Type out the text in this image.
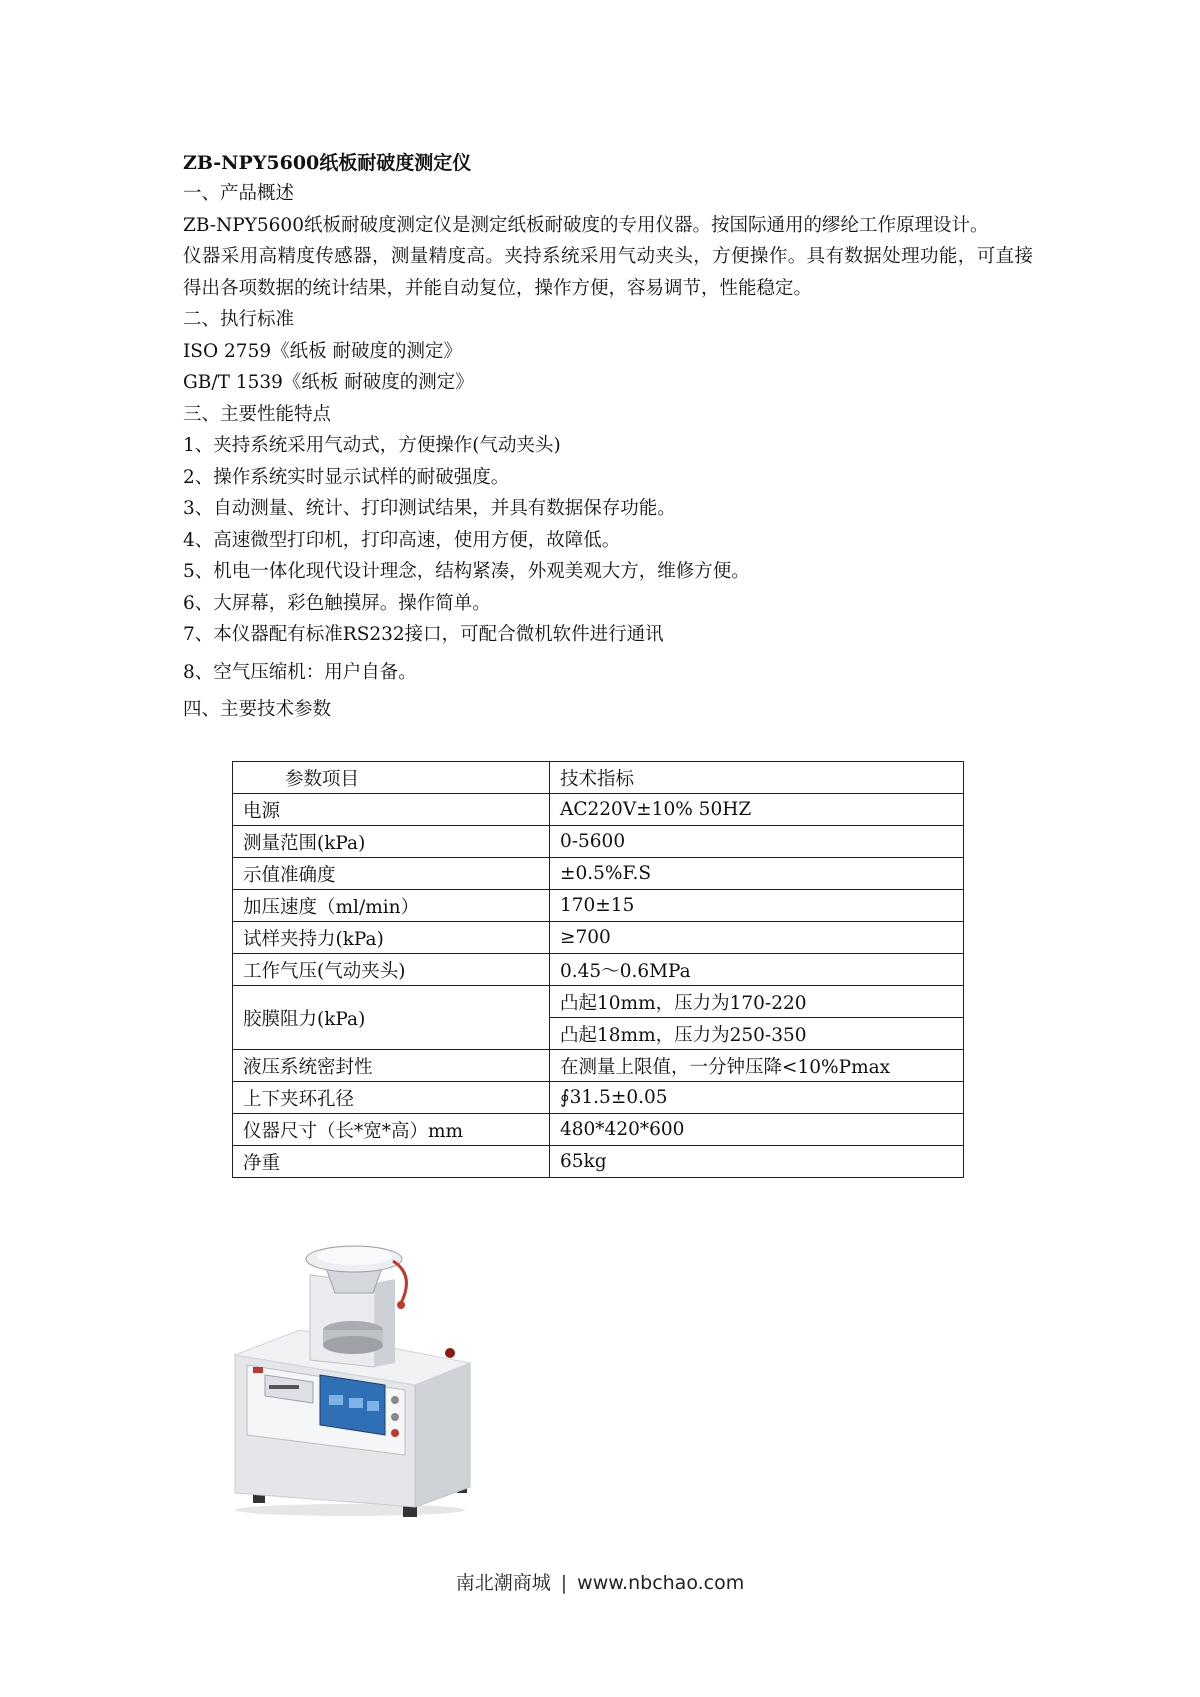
ZB-NPY5600纸板耐破度测定仪

一、产品概述

ZB-NPY5600纸板耐破度测定仪是测定纸板耐破度的专用仪器。按国际通用的缪纶工作原理设计。

仪器采用高精度传感器，测量精度高。夹持系统采用气动夹头，方便操作。具有数据处理功能，可直接得出各项数据的统计结果，并能自动复位，操作方便，容易调节，性能稳定。

二、执行标准

ISO 2759《纸板 耐破度的测定》

GB/T 1539《纸板 耐破度的测定》

三、主要性能特点

1、夹持系统采用气动式，方便操作(气动夹头)

2、操作系统实时显示试样的耐破强度。

3、自动测量、统计、打印测试结果，并具有数据保存功能。

4、高速微型打印机，打印高速，使用方便，故障低。

5、机电一体化现代设计理念，结构紧凑，外观美观大方，维修方便。

6、大屏幕，彩色触摸屏。操作简单。

7、本仪器配有标准RS232接口，可配合微机软件进行通讯

8、空气压缩机：用户自备。

四、主要技术参数

参数项目	技术指标
电源	AC220V±10% 50HZ
测量范围(kPa)	0-5600
示值准确度	±0.5%F.S
加压速度（ml/min）	170±15
试样夹持力(kPa)	≥700
工作气压(气动夹头)	0.45～0.6MPa
胶膜阻力(kPa)	凸起10mm，压力为170-220
	凸起18mm，压力为250-350
液压系统密封性	在测量上限值，一分钟压降<10%Pmax
上下夹环孔径	∮31.5±0.05
仪器尺寸（长*宽*高）mm	480*420*600
净重	65kg
南北潮商城 | www.nbchao.com
